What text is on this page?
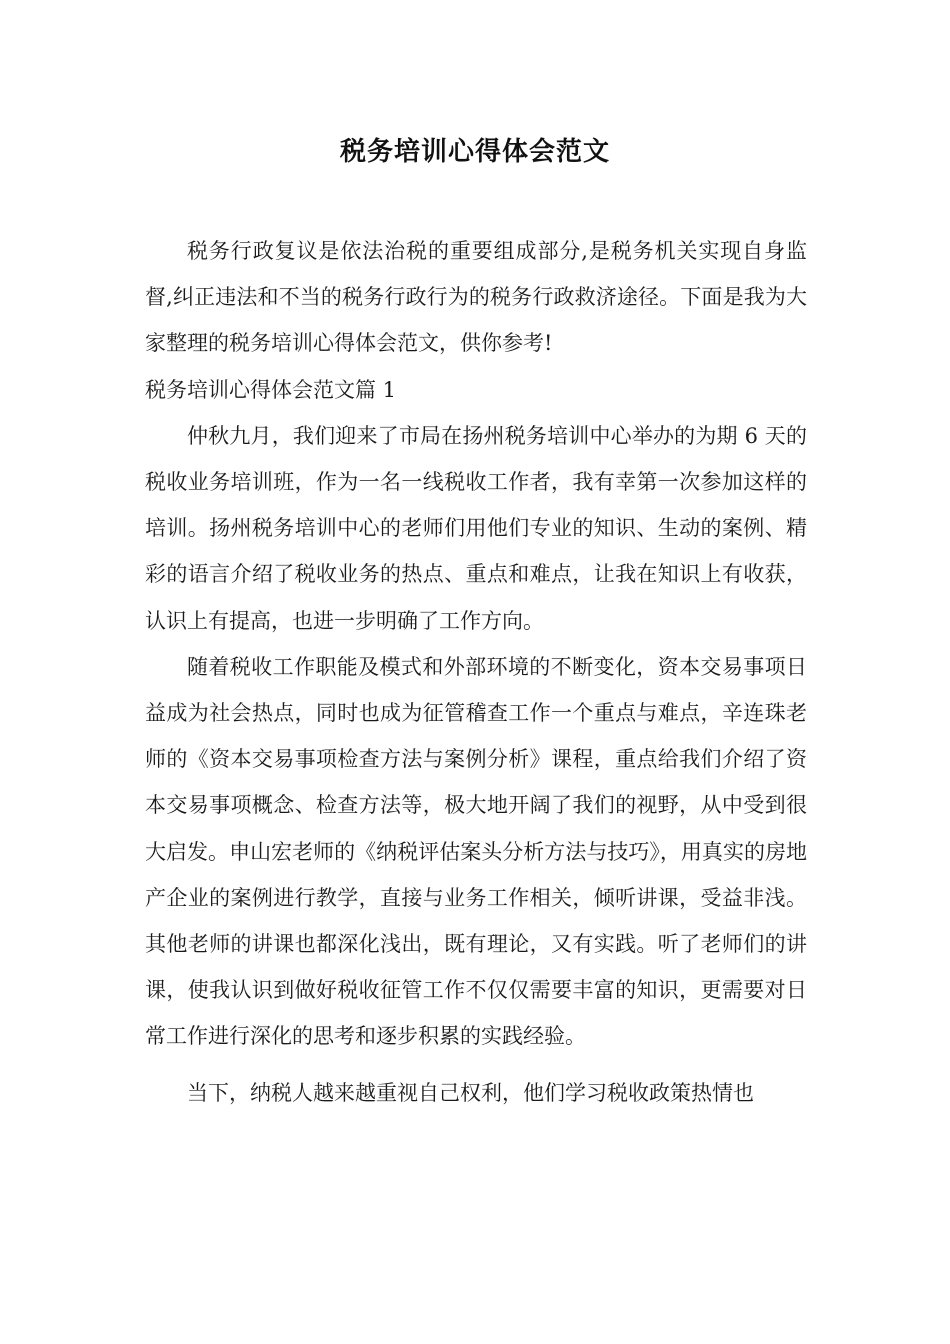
税务培训心得体会范文

税务行政复议是依法治税的重要组成部分,是税务机关实现自身监督,纠正违法和不当的税务行政行为的税务行政救济途径。下面是我为大家整理的税务培训心得体会范文，供你参考!

税务培训心得体会范文篇 1

仲秋九月，我们迎来了市局在扬州税务培训中心举办的为期 6 天的税收业务培训班，作为一名一线税收工作者，我有幸第一次参加这样的培训。扬州税务培训中心的老师们用他们专业的知识、生动的案例、精彩的语言介绍了税收业务的热点、重点和难点，让我在知识上有收获，认识上有提高，也进一步明确了工作方向。

随着税收工作职能及模式和外部环境的不断变化，资本交易事项日益成为社会热点，同时也成为征管稽查工作一个重点与难点，辛连珠老师的《资本交易事项检查方法与案例分析》课程，重点给我们介绍了资本交易事项概念、检查方法等，极大地开阔了我们的视野，从中受到很大启发。申山宏老师的《纳税评估案头分析方法与技巧》，用真实的房地产企业的案例进行教学，直接与业务工作相关，倾听讲课，受益非浅。其他老师的讲课也都深化浅出，既有理论，又有实践。听了老师们的讲课，使我认识到做好税收征管工作不仅仅需要丰富的知识，更需要对日常工作进行深化的思考和逐步积累的实践经验。

当下，纳税人越来越重视自己权利，他们学习税收政策热情也
